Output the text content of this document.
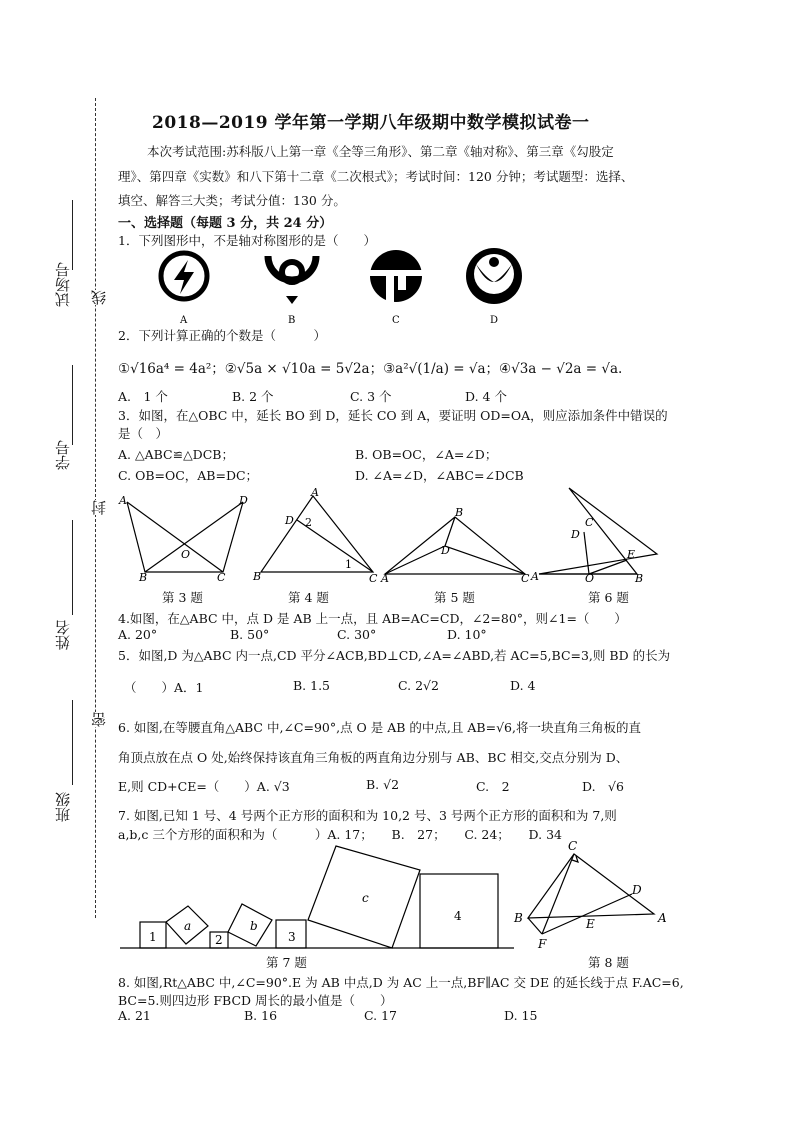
试场号
学号
姓名
班级
线
封
密
2018—2019 学年第一学期八年级期中数学模拟试卷一
本次考试范围:苏科版八上第一章《全等三角形》、第二章《轴对称》、第三章《勾股定
理》、第四章《实数》和八下第十二章《二次根式》；考试时间：120 分钟；考试题型：选择、
填空、解答三大类；考试分值：130 分。
一、选择题（每题 3 分，共 24 分）
1．下列图形中，不是轴对称图形的是（　　）
A	B	C	D
2．下列计算正确的个数是（　　　）
①√16a⁴ = 4a²；②√5a × √10a = 5√2a；③a²√(1/a) = √a；④√3a − √2a = √a.
A.　1 个	B. 2 个	C. 3 个	D. 4 个
3．如图，在△OBC 中，延长 BO 到 D，延长 CO 到 A，要证明 OD=OA，则应添加条件中错误的
是（　）
A. △ABC≌△DCB；	B. OB=OC，∠A=∠D；
C. OB=OC，AB=DC；	D. ∠A=∠D，∠ABC=∠DCB
A	D
O
B	C
A
D 2
B	C
1
B
D
A	C
C
D
E
A	O	B
第 3 题	第 4 题	第 5 题	第 6 题
4.如图，在△ABC 中，点 D 是 AB 上一点，且 AB=AC=CD，∠2=80°，则∠1=（　　）
A. 20°	B. 50°	C. 30°	D. 10°
5．如图,D 为△ABC 内一点,CD 平分∠ACB,BD⊥CD,∠A=∠ABD,若 AC=5,BC=3,则 BD 的长为
（　　）A．1	B. 1.5	C. 2√2	D. 4
6. 如图,在等腰直角△ABC 中,∠C=90°,点 O 是 AB 的中点,且 AB=√6,将一块直角三角板的直
角顶点放在点 O 处,始终保持该直角三角板的两直角边分别与 AB、BC 相交,交点分别为 D、
E,则 CD+CE=（　　）A. √3	B. √2	C.　2	D.　√6
7. 如图,已知 1 号、4 号两个正方形的面积和为 10,2 号、3 号两个正方形的面积和为 7,则
a,b,c 三个方形的面积和为（　　　）A. 17；　　B.　27；　　C. 24；　　D. 34
1
a
2
b
3
c
4
第 7 题
C
D
B	A
E
F
第 8 题
8. 如图,Rt△ABC 中,∠C=90°.E 为 AB 中点,D 为 AC 上一点,BF∥AC 交 DE 的延长线于点 F.AC=6,
BC=5.则四边形 FBCD 周长的最小值是（　　）
A. 21	B. 16	C. 17	D. 15
